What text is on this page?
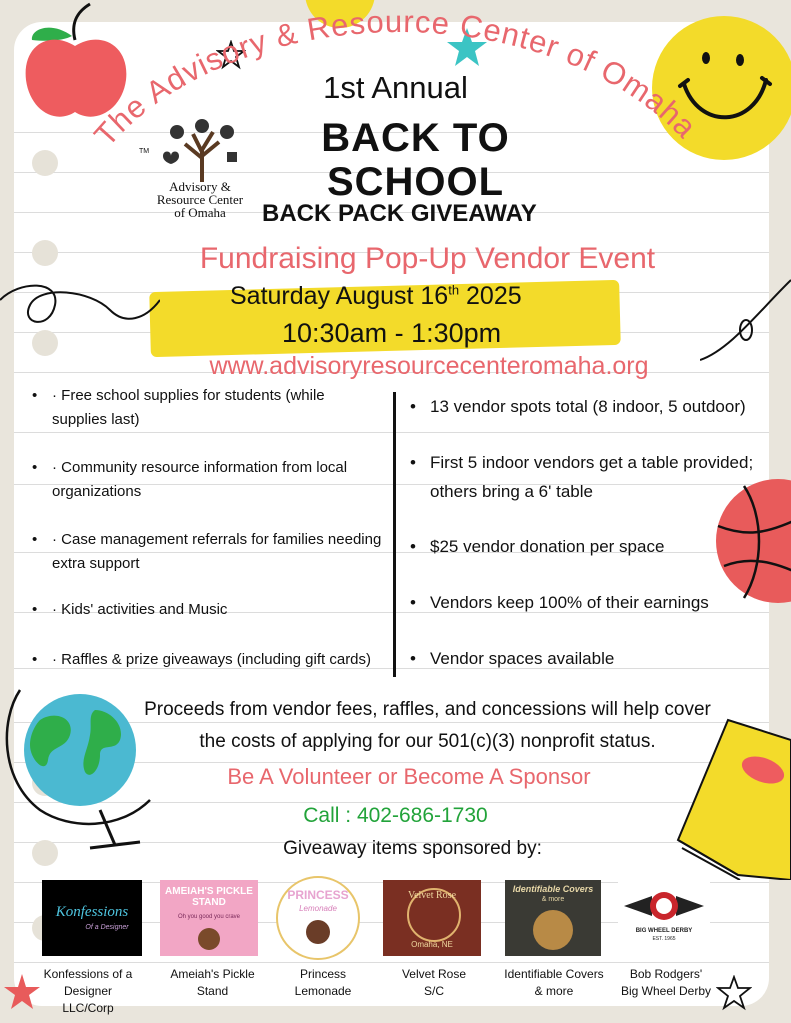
The Advisory & Resource Center of Omaha
1st Annual
BACK TO
SCHOOL
BACK PACK GIVEAWAY
TM
Advisory &
Resource Center
of Omaha
Fundraising Pop-Up Vendor Event
Saturday August 16th 2025
10:30am - 1:30pm
www.advisoryresourcecenteromaha.org
• · Free school supplies for students (while supplies last)
• · Community resource information from local organizations
• · Case management referrals for families needing extra support
• · Kids' activities and Music
• · Raffles & prize giveaways (including gift cards)
• 13 vendor spots total (8 indoor, 5 outdoor)
• First 5 indoor vendors get a table provided; others bring a 6' table
• $25 vendor donation per space
• Vendors keep 100% of their earnings
• Vendor spaces available
Proceeds from vendor fees, raffles, and concessions will help cover
the costs of applying for our 501(c)(3) nonprofit status.
Be A Volunteer or Become A Sponsor
Call : 402-686-1730
Giveaway items sponsored by:
Konfessions
Of a Designer
AMEIAH'S PICKLE STAND
Oh you good you crave
PRINCESS
Lemonade
Velvet Rose
Omaha, NE
Identifiable Covers
& more
BIG WHEEL DERBY
EST. 1965
Konfessions of a Designer
LLC/Corp
Ameiah's Pickle
Stand
Princess
Lemonade
Velvet Rose
S/C
Identifiable Covers
& more
Bob Rodgers'
Big Wheel Derby
